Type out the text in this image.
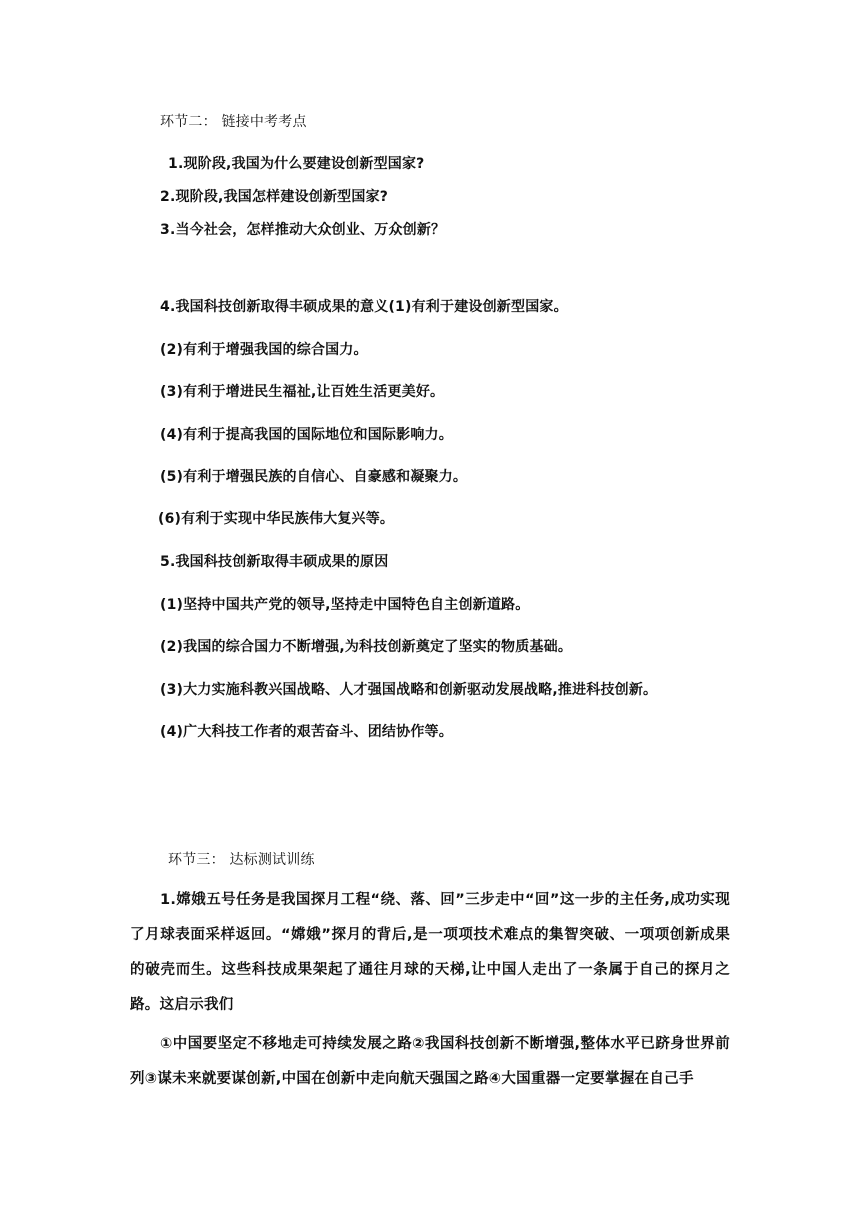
环节二： 链接中考考点
1.现阶段,我国为什么要建设创新型国家?
2.现阶段,我国怎样建设创新型国家?
3.当今社会，怎样推动大众创业、万众创新？
4.我国科技创新取得丰硕成果的意义(1)有利于建设创新型国家。
(2)有利于增强我国的综合国力。
(3)有利于增进民生福祉,让百姓生活更美好。
(4)有利于提高我国的国际地位和国际影响力。
(5)有利于增强民族的自信心、自豪感和凝聚力。
(6)有利于实现中华民族伟大复兴等。
5.我国科技创新取得丰硕成果的原因
(1)坚持中国共产党的领导,坚持走中国特色自主创新道路。
(2)我国的综合国力不断增强,为科技创新奠定了坚实的物质基础。
(3)大力实施科教兴国战略、人才强国战略和创新驱动发展战略,推进科技创新。
(4)广大科技工作者的艰苦奋斗、团结协作等。
环节三： 达标测试训练
1.嫦娥五号任务是我国探月工程“绕、落、回”三步走中“回”这一步的主任务,成功实现了月球表面采样返回。“嫦娥”探月的背后,是一项项技术难点的集智突破、一项项创新成果的破壳而生。这些科技成果架起了通往月球的天梯,让中国人走出了一条属于自己的探月之路。这启示我们
①中国要坚定不移地走可持续发展之路②我国科技创新不断增强,整体水平已跻身世界前列③谋未来就要谋创新,中国在创新中走向航天强国之路④大国重器一定要掌握在自己手
